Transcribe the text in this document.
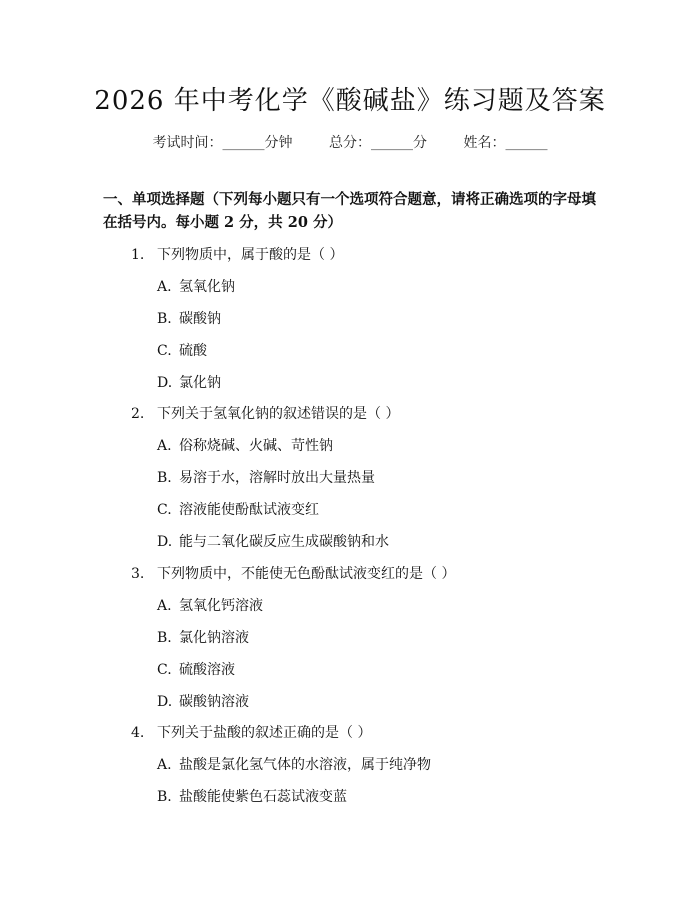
2026 年中考化学《酸碱盐》练习题及答案
考试时间：______分钟	总分：______分	姓名：______
一、单项选择题（下列每小题只有一个选项符合题意，请将正确选项的字母填在括号内。每小题 2 分，共 20 分）
1. 下列物质中，属于酸的是（ ）
A. 氢氧化钠
B. 碳酸钠
C. 硫酸
D. 氯化钠
2. 下列关于氢氧化钠的叙述错误的是（ ）
A. 俗称烧碱、火碱、苛性钠
B. 易溶于水，溶解时放出大量热量
C. 溶液能使酚酞试液变红
D. 能与二氧化碳反应生成碳酸钠和水
3. 下列物质中，不能使无色酚酞试液变红的是（ ）
A. 氢氧化钙溶液
B. 氯化钠溶液
C. 硫酸溶液
D. 碳酸钠溶液
4. 下列关于盐酸的叙述正确的是（ ）
A. 盐酸是氯化氢气体的水溶液，属于纯净物
B. 盐酸能使紫色石蕊试液变蓝
